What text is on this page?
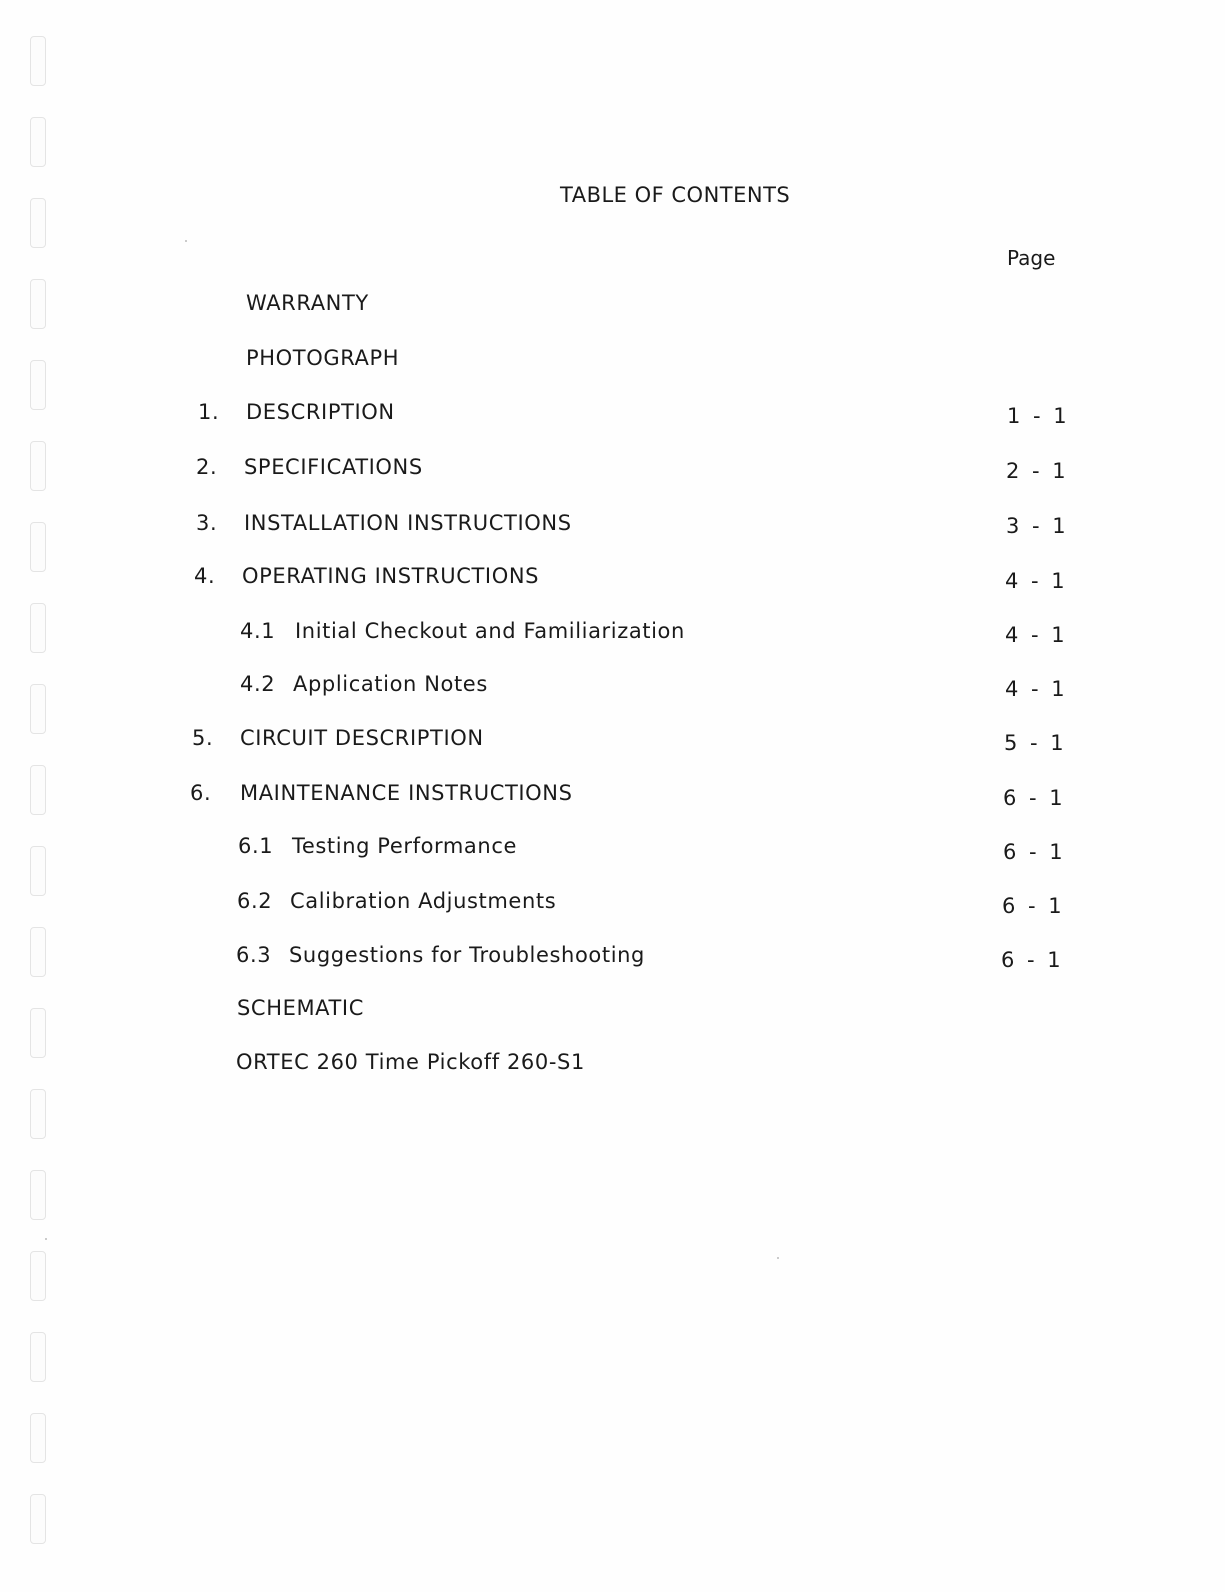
TABLE OF CONTENTS
Page
WARRANTY
PHOTOGRAPH
1. DESCRIPTION	1 - 1
2. SPECIFICATIONS	2 - 1
3. INSTALLATION INSTRUCTIONS	3 - 1
4. OPERATING INSTRUCTIONS	4 - 1
4.1 Initial Checkout and Familiarization	4 - 1
4.2 Application Notes	4 - 1
5. CIRCUIT DESCRIPTION	5 - 1
6. MAINTENANCE INSTRUCTIONS	6 - 1
6.1 Testing Performance	6 - 1
6.2 Calibration Adjustments	6 - 1
6.3 Suggestions for Troubleshooting	6 - 1
SCHEMATIC
ORTEC 260 Time Pickoff 260-S1
